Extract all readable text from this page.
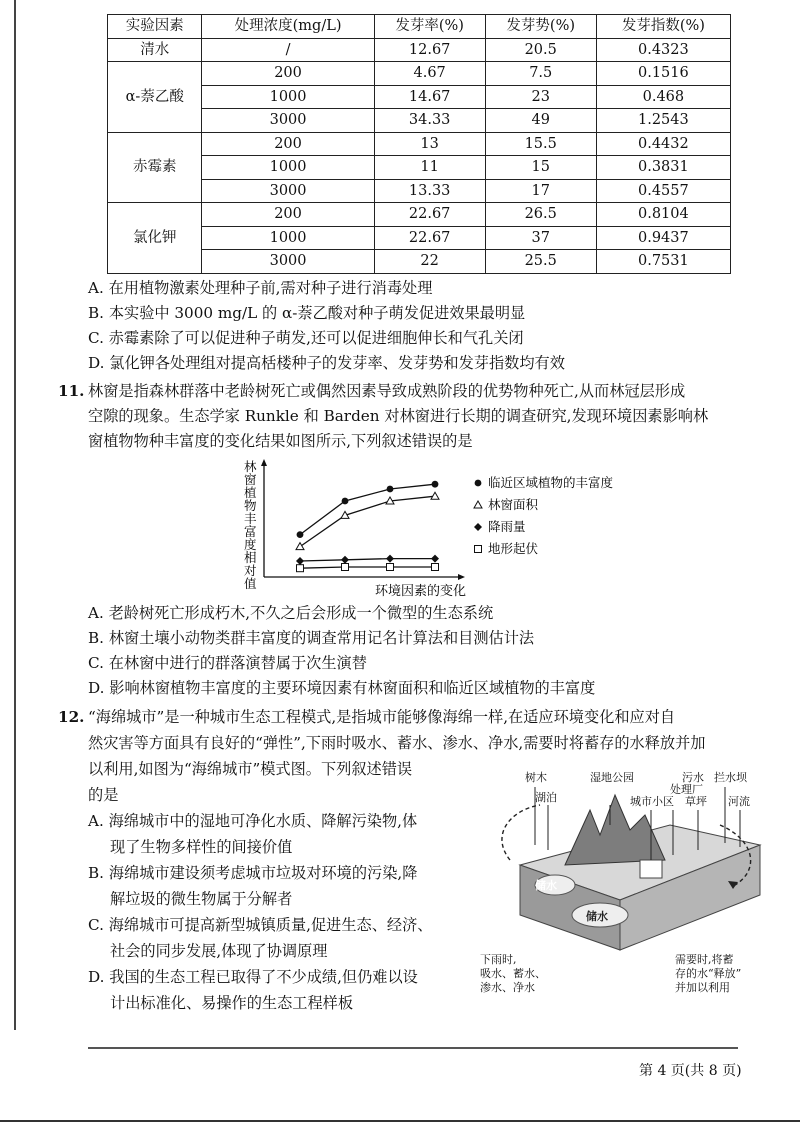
实验因素	处理浓度(mg/L)	发芽率(%)	发芽势(%)	发芽指数(%)
清水	/	12.67	20.5	0.4323
α-萘乙酸	200	4.67	7.5	0.1516
	1000	14.67	23	0.468
	3000	34.33	49	1.2543
赤霉素	200	13	15.5	0.4432
	1000	11	15	0.3831
	3000	13.33	17	0.4557
氯化钾	200	22.67	26.5	0.8104
	1000	22.67	37	0.9437
	3000	22	25.5	0.7531
A. 在用植物激素处理种子前,需对种子进行消毒处理
B. 本实验中 3000 mg/L 的 α-萘乙酸对种子萌发促进效果最明显
C. 赤霉素除了可以促进种子萌发,还可以促进细胞伸长和气孔关闭
D. 氯化钾各处理组对提高栝楼种子的发芽率、发芽势和发芽指数均有效
11. 林窗是指森林群落中老龄树死亡或偶然因素导致成熟阶段的优势物种死亡,从而林冠层形成
空隙的现象。生态学家 Runkle 和 Barden 对林窗进行长期的调查研究,发现环境因素影响林
窗植物物种丰富度的变化结果如图所示,下列叙述错误的是
林窗植物丰富度相对值
环境因素的变化
临近区域植物的丰富度
林窗面积
降雨量
地形起伏
A. 老龄树死亡形成朽木,不久之后会形成一个微型的生态系统
B. 林窗土壤小动物类群丰富度的调查常用记名计算法和目测估计法
C. 在林窗中进行的群落演替属于次生演替
D. 影响林窗植物丰富度的主要环境因素有林窗面积和临近区域植物的丰富度
12. “海绵城市”是一种城市生态工程模式,是指城市能够像海绵一样,在适应环境变化和应对自
然灾害等方面具有良好的“弹性”,下雨时吸水、蓄水、渗水、净水,需要时将蓄存的水释放并加
以利用,如图为“海绵城市”模式图。下列叙述错误
的是
A. 海绵城市中的湿地可净化水质、降解污染物,体
现了生物多样性的间接价值
B. 海绵城市建设须考虑城市垃圾对环境的污染,降
解垃圾的微生物属于分解者
C. 海绵城市可提高新型城镇质量,促进生态、经济、
社会的同步发展,体现了协调原理
D. 我国的生态工程已取得了不少成绩,但仍难以设
计出标准化、易操作的生态工程样板
树木
湖泊
湿地公园
城市小区
污水处理厂
草坪
拦水坝
河流
储水
储水
下雨时,
吸水、蓄水、
渗水、净水
需要时,将蓄
存的水“释放”
并加以利用
第 4 页(共 8 页)
